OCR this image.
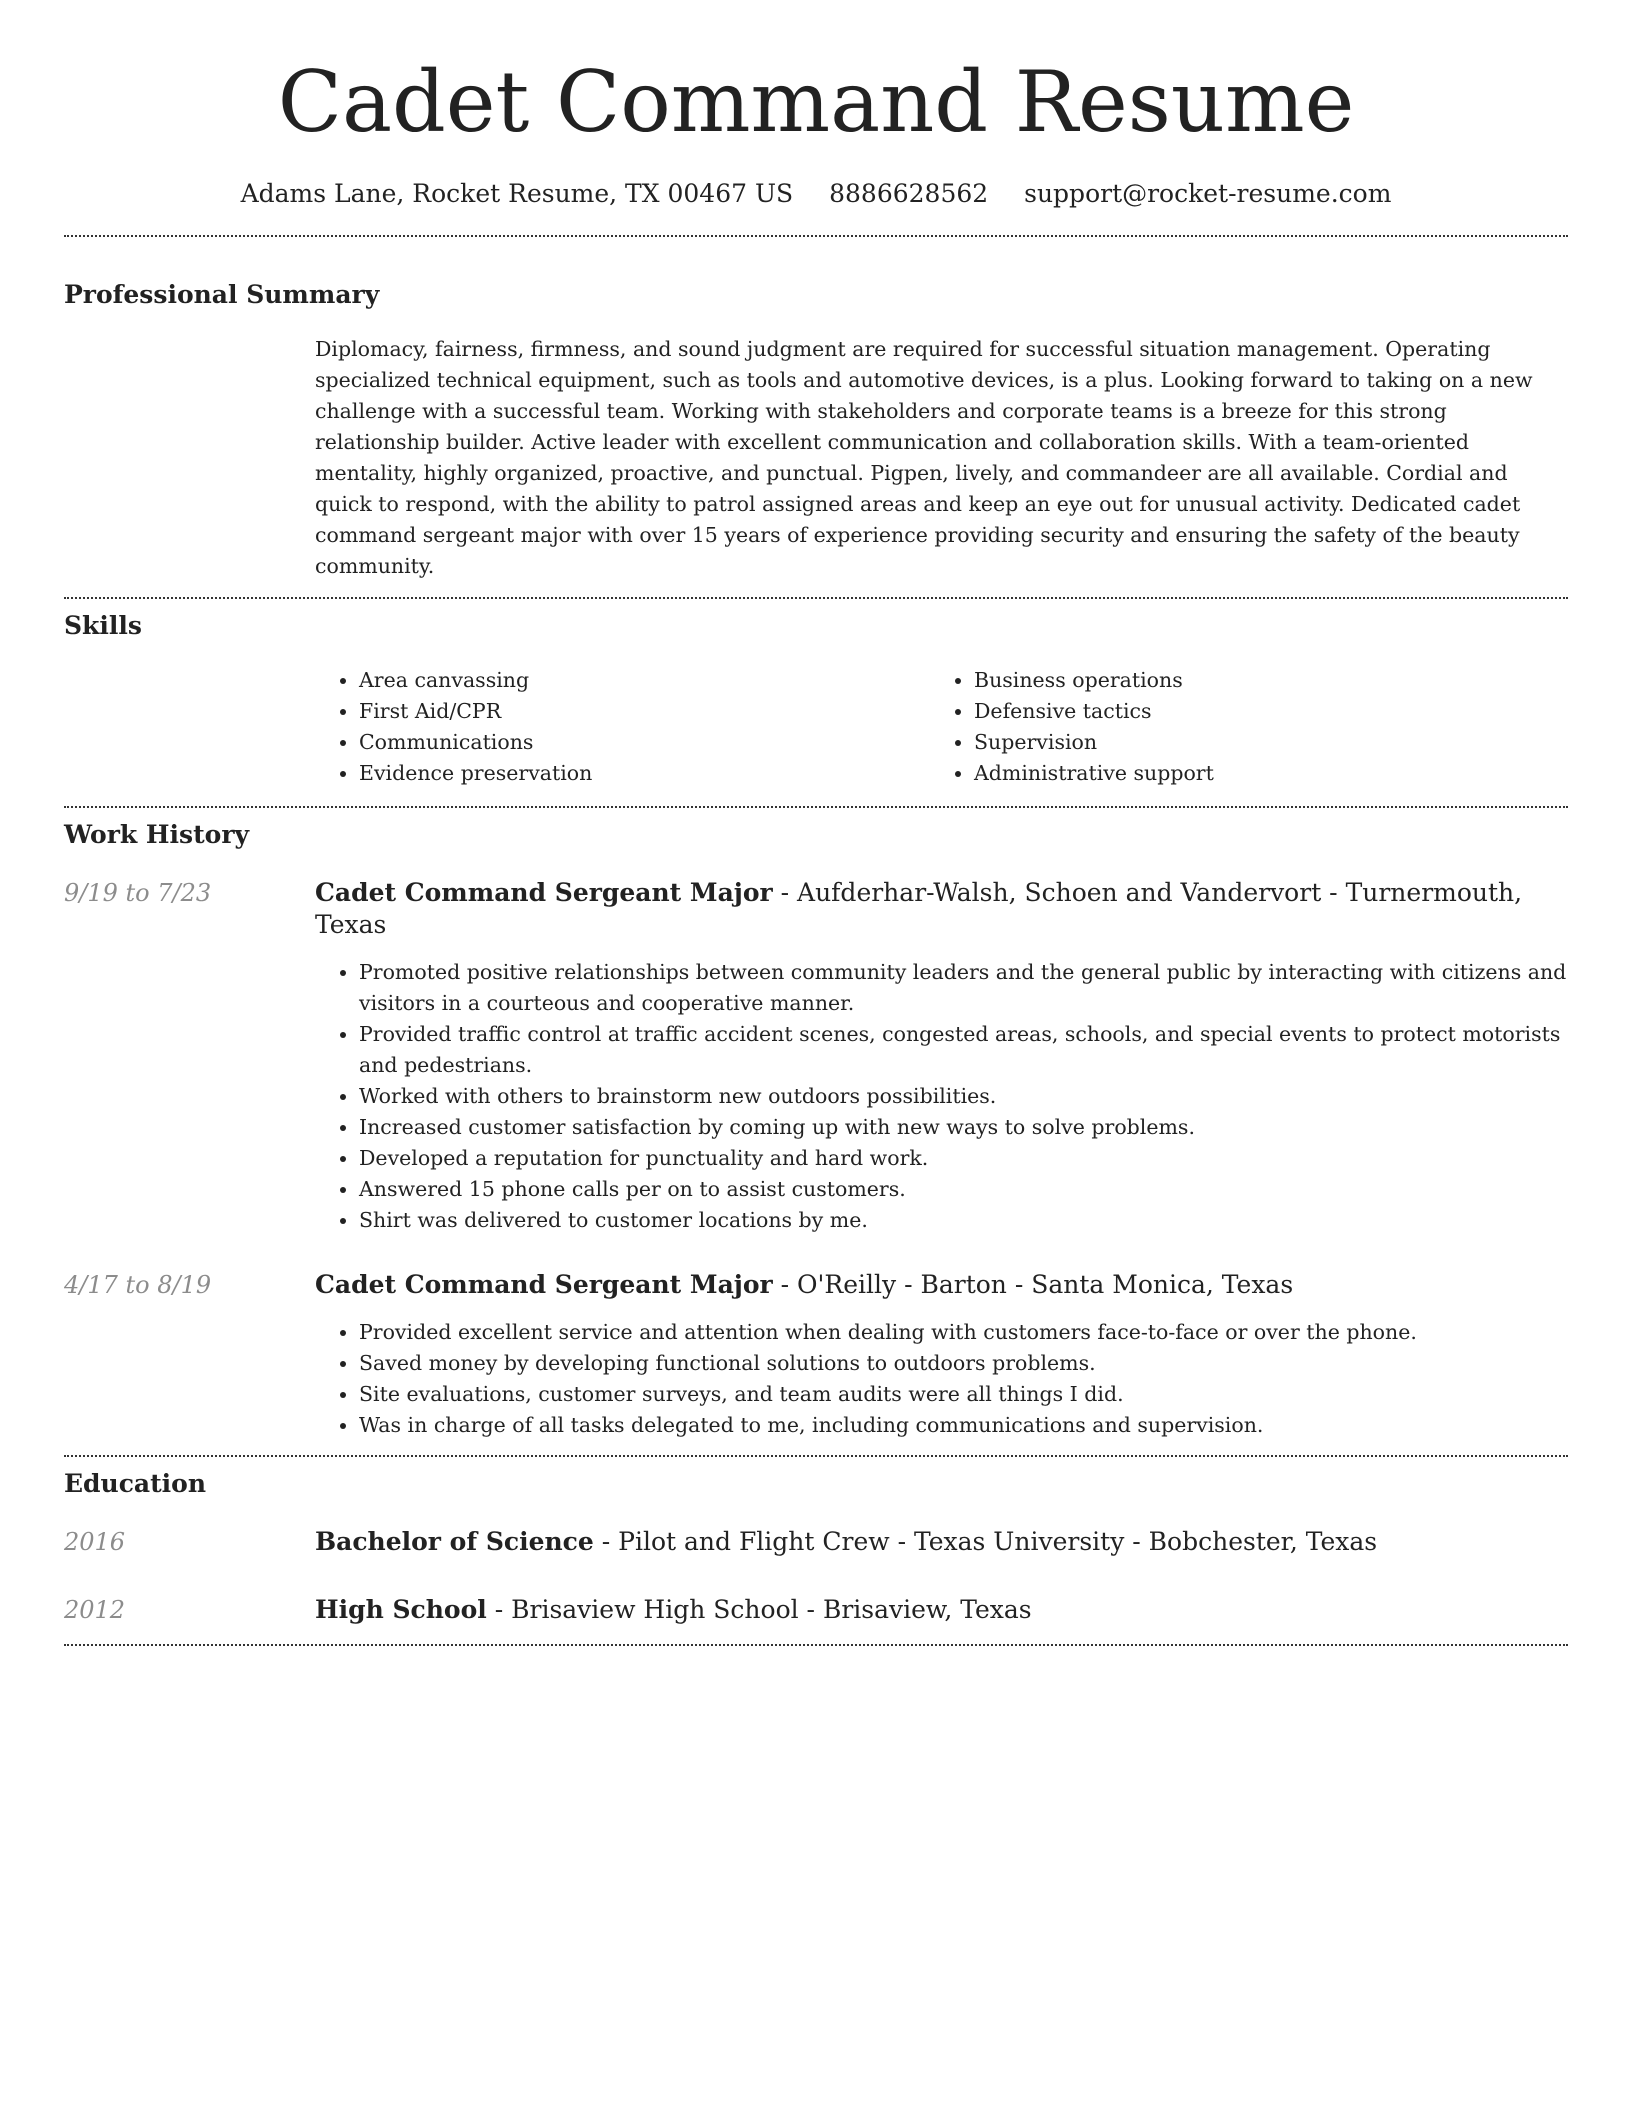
Cadet Command Resume
Adams Lane, Rocket Resume, TX 00467 US 8886628562 support@rocket-resume.com
Professional Summary

Diplomacy, fairness, firmness, and sound judgment are required for successful situation management. Operating specialized technical equipment, such as tools and automotive devices, is a plus. Looking forward to taking on a new challenge with a successful team. Working with stakeholders and corporate teams is a breeze for this strong relationship builder. Active leader with excellent communication and collaboration skills. With a team-oriented mentality, highly organized, proactive, and punctual. Pigpen, lively, and commandeer are all available. Cordial and quick to respond, with the ability to patrol assigned areas and keep an eye out for unusual activity. Dedicated cadet command sergeant major with over 15 years of experience providing security and ensuring the safety of the beauty community.

Skills
• Area canvassing
• First Aid/CPR
• Communications
• Evidence preservation
• Business operations
• Defensive tactics
• Supervision
• Administrative support
Work History
9/19 to 7/23	Cadet Command Sergeant Major - Aufderhar-Walsh, Schoen and Vandervort - Turnermouth, Texas
• Promoted positive relationships between community leaders and the general public by interacting with citizens and visitors in a courteous and cooperative manner.
• Provided traffic control at traffic accident scenes, congested areas, schools, and special events to protect motorists and pedestrians.
• Worked with others to brainstorm new outdoors possibilities.
• Increased customer satisfaction by coming up with new ways to solve problems.
• Developed a reputation for punctuality and hard work.
• Answered 15 phone calls per on to assist customers.
• Shirt was delivered to customer locations by me.
4/17 to 8/19	Cadet Command Sergeant Major - O'Reilly - Barton - Santa Monica, Texas
• Provided excellent service and attention when dealing with customers face-to-face or over the phone.
• Saved money by developing functional solutions to outdoors problems.
• Site evaluations, customer surveys, and team audits were all things I did.
• Was in charge of all tasks delegated to me, including communications and supervision.
Education
2016	Bachelor of Science - Pilot and Flight Crew - Texas University - Bobchester, Texas
2012	High School - Brisaview High School - Brisaview, Texas
